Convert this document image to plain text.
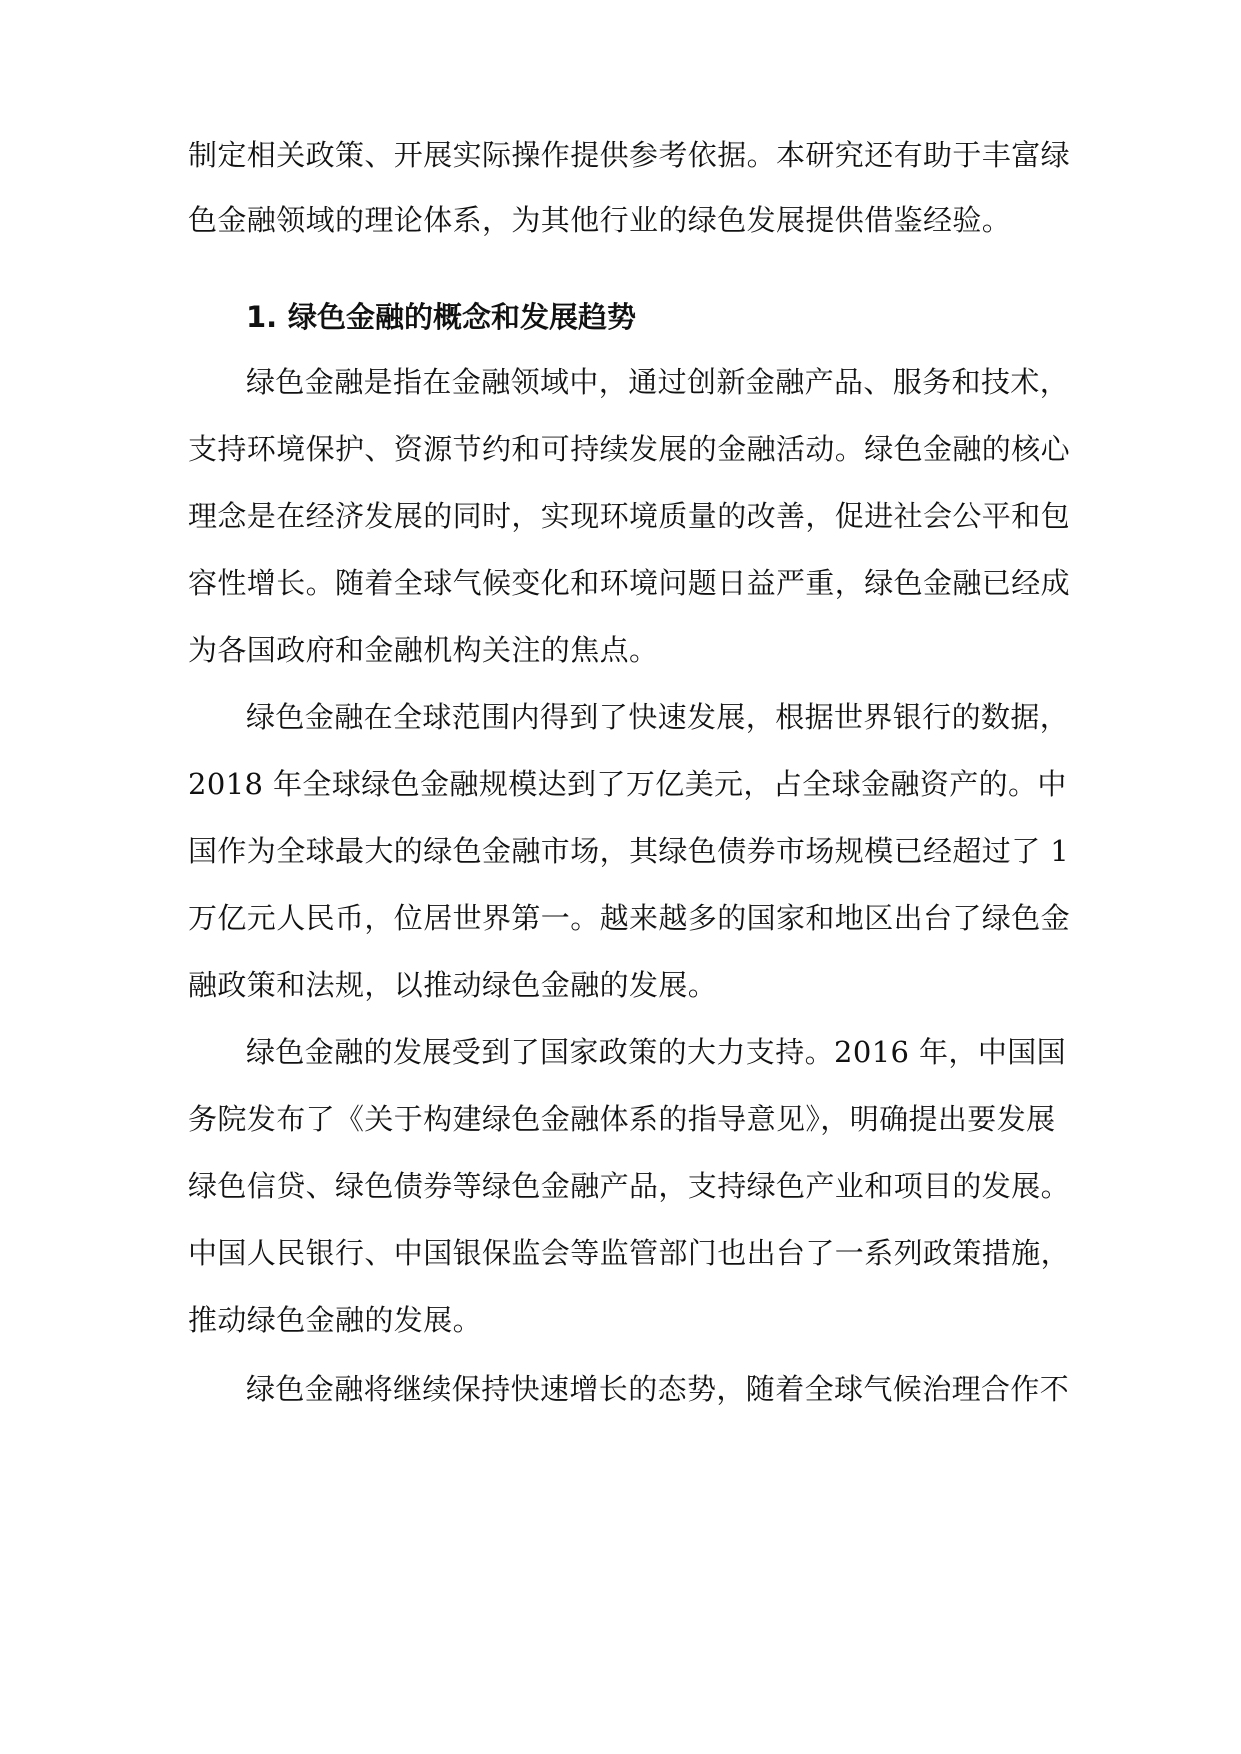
制定相关政策、开展实际操作提供参考依据。本研究还有助于丰富绿
色金融领域的理论体系，为其他行业的绿色发展提供借鉴经验。
1. 绿色金融的概念和发展趋势
绿色金融是指在金融领域中，通过创新金融产品、服务和技术，
支持环境保护、资源节约和可持续发展的金融活动。绿色金融的核心
理念是在经济发展的同时，实现环境质量的改善，促进社会公平和包
容性增长。随着全球气候变化和环境问题日益严重，绿色金融已经成
为各国政府和金融机构关注的焦点。
绿色金融在全球范围内得到了快速发展，根据世界银行的数据，
2018 年全球绿色金融规模达到了万亿美元，占全球金融资产的。中
国作为全球最大的绿色金融市场，其绿色债券市场规模已经超过了 1
万亿元人民币，位居世界第一。越来越多的国家和地区出台了绿色金
融政策和法规，以推动绿色金融的发展。
绿色金融的发展受到了国家政策的大力支持。2016 年，中国国
务院发布了《关于构建绿色金融体系的指导意见》，明确提出要发展
绿色信贷、绿色债券等绿色金融产品，支持绿色产业和项目的发展。
中国人民银行、中国银保监会等监管部门也出台了一系列政策措施，
推动绿色金融的发展。
绿色金融将继续保持快速增长的态势，随着全球气候治理合作不
